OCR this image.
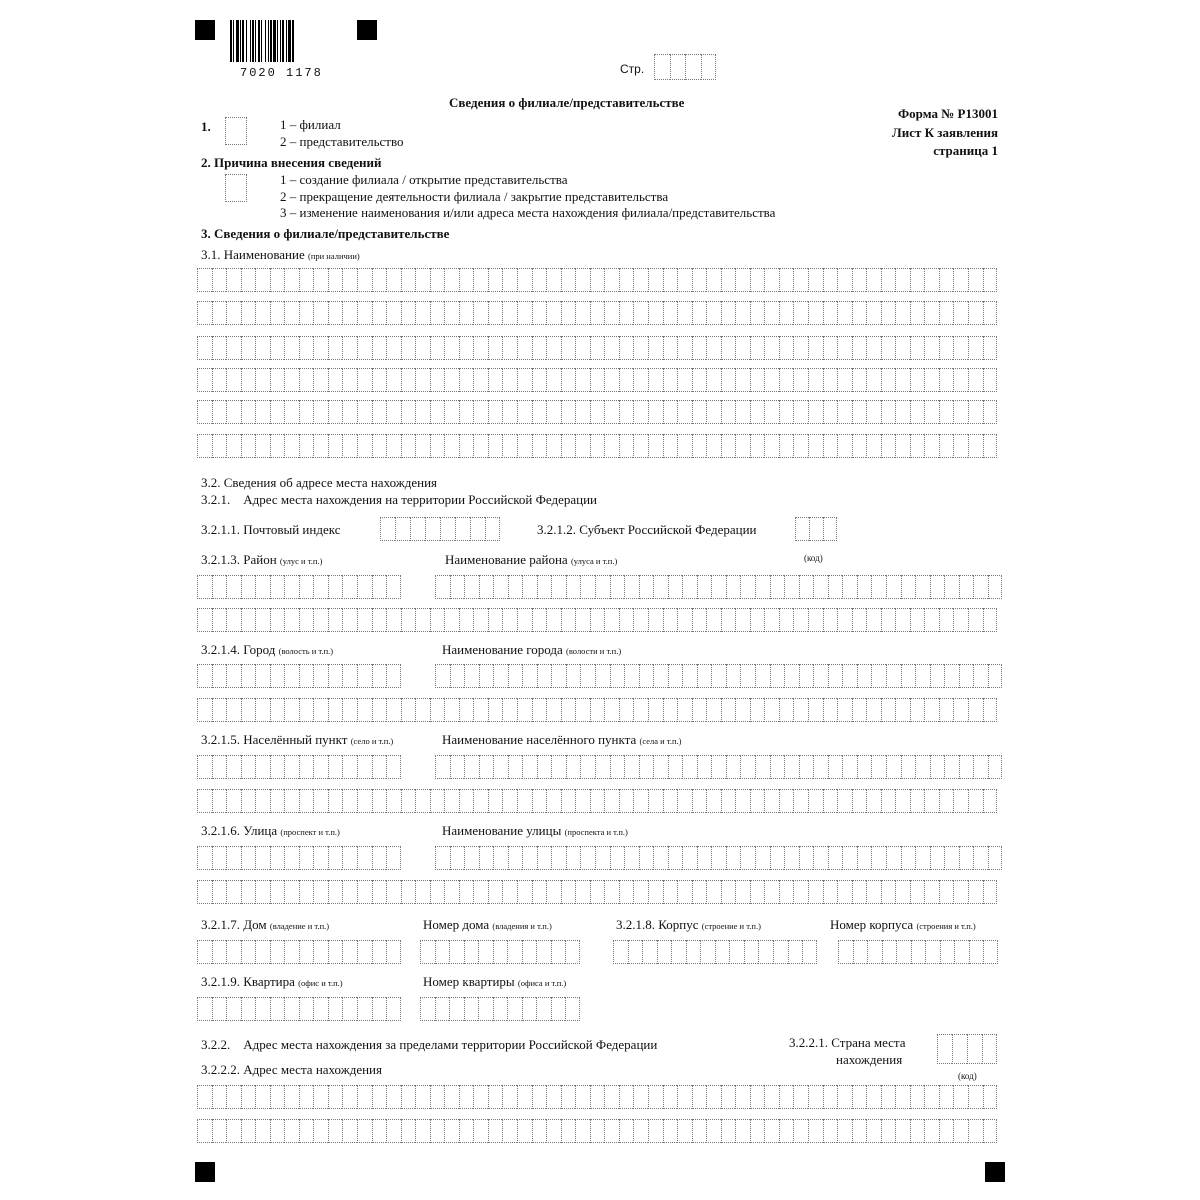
7020 1178	Стр.
Форма № Р13001
Лист К заявления
страница 1
Сведения о филиале/представительстве
1.	1 – филиал
2 – представительство
2. Причина внесения сведений
1 – создание филиала / открытие представительства
2 – прекращение деятельности филиала / закрытие представительства
3 – изменение наименования и/или адреса места нахождения филиала/представительства
3. Сведения о филиале/представительстве
3.1. Наименование (при наличии)
3.2. Сведения об адресе места нахождения
3.2.1.    Адрес места нахождения на территории Российской Федерации
3.2.1.1. Почтовый индекс	3.2.1.2. Субъект Российской Федерации
(код)
3.2.1.3. Район (улус и т.п.)	Наименование района (улуса и т.п.)
3.2.1.4. Город (волость и т.п.)	Наименование города (волости и т.п.)
3.2.1.5. Населённый пункт (село и т.п.)	Наименование населённого пункта (села и т.п.)
3.2.1.6. Улица (проспект и т.п.)	Наименование улицы (проспекта и т.п.)
3.2.1.7. Дом (владение и т.п.)	Номер дома (владения и т.п.)	3.2.1.8. Корпус (строение и т.п.)	Номер корпуса (строения и т.п.)
3.2.1.9. Квартира (офис и т.п.)	Номер квартиры (офиса и т.п.)
3.2.2.    Адрес места нахождения за пределами территории Российской Федерации	3.2.2.1. Страна места
нахождения
(код)
3.2.2.2. Адрес места нахождения
